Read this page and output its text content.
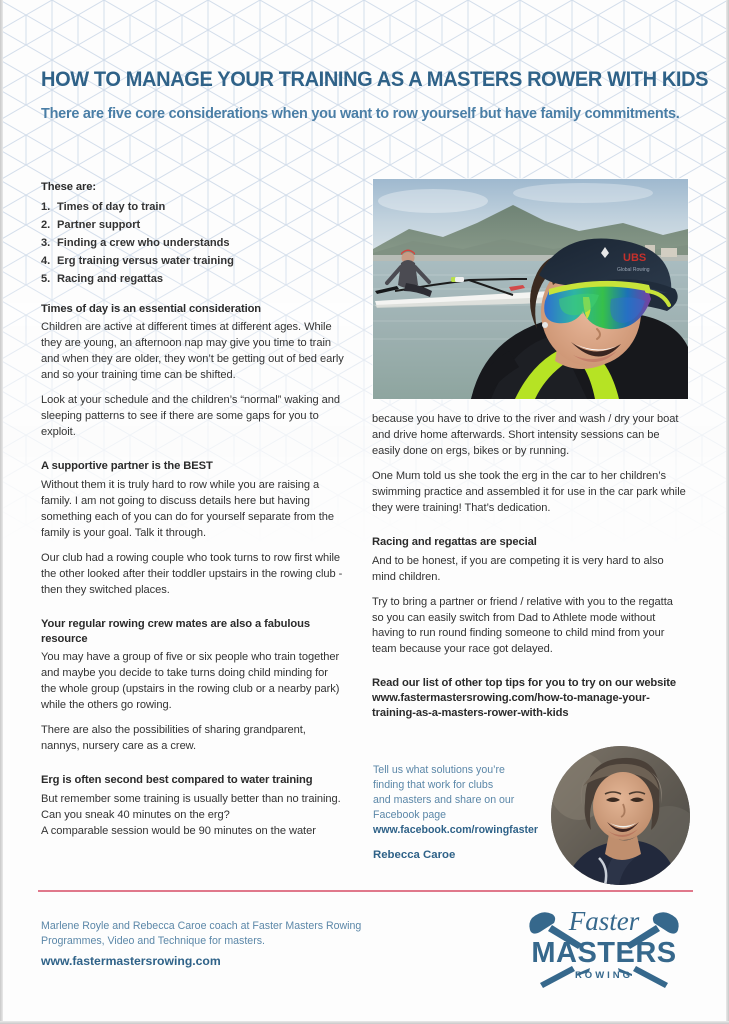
HOW TO MANAGE YOUR TRAINING AS A MASTERS ROWER WITH KIDS
There are five core considerations when you want to row yourself but have family commitments.
These are:
1. Times of day to train
2. Partner support
3. Finding a crew who understands
4. Erg training versus water training
5. Racing and regattas
Times of day is an essential consideration

Children are active at different times at different ages. While they are young, an afternoon nap may give you time to train and when they are older, they won’t be getting out of bed early and so your training time can be shifted.

Look at your schedule and the children’s “normal” waking and sleeping patterns to see if there are some gaps for you to exploit.

A supportive partner is the BEST

Without them it is truly hard to row while you are raising a family. I am not going to discuss details here but having something each of you can do for yourself separate from the family is your goal. Talk it through.

Our club had a rowing couple who took turns to row first while the other looked after their toddler upstairs in the rowing club - then they switched places.

Your regular rowing crew mates are also a fabulous resource

You may have a group of five or six people who train together and maybe you decide to take turns doing child minding for the whole group (upstairs in the rowing club or a nearby park) while the others go rowing.

There are also the possibilities of sharing grandparent, nannys, nursery care as a crew.

Erg is often second best compared to water training

But remember some training is usually better than no training. Can you sneak 40 minutes on the erg?

A comparable session would be 90 minutes on the water

UBS
Global Rowing

because you have to drive to the river and wash / dry your boat and drive home afterwards. Short intensity sessions can be easily done on ergs, bikes or by running.

One Mum told us she took the erg in the car to her children’s swimming practice and assembled it for use in the car park while they were training! That’s dedication.

Racing and regattas are special

And to be honest, if you are competing it is very hard to also mind children.

Try to bring a partner or friend / relative with you to the regatta so you can easily switch from Dad to Athlete mode without having to run round finding someone to child mind from your team because your race got delayed.

Read our list of other top tips for you to try on our website www.fastermastersrowing.com/how-to-manage-your-training-as-a-masters-rower-with-kids
Tell us what solutions you’re
finding that work for clubs
and masters and share on our
Facebook page
www.facebook.com/rowingfaster
Rebecca Caroe
Marlene Royle and Rebecca Caroe coach at Faster Masters Rowing
Programmes, Video and Technique for masters.
www.fastermastersrowing.com
Faster
MASTERS
ROWING
